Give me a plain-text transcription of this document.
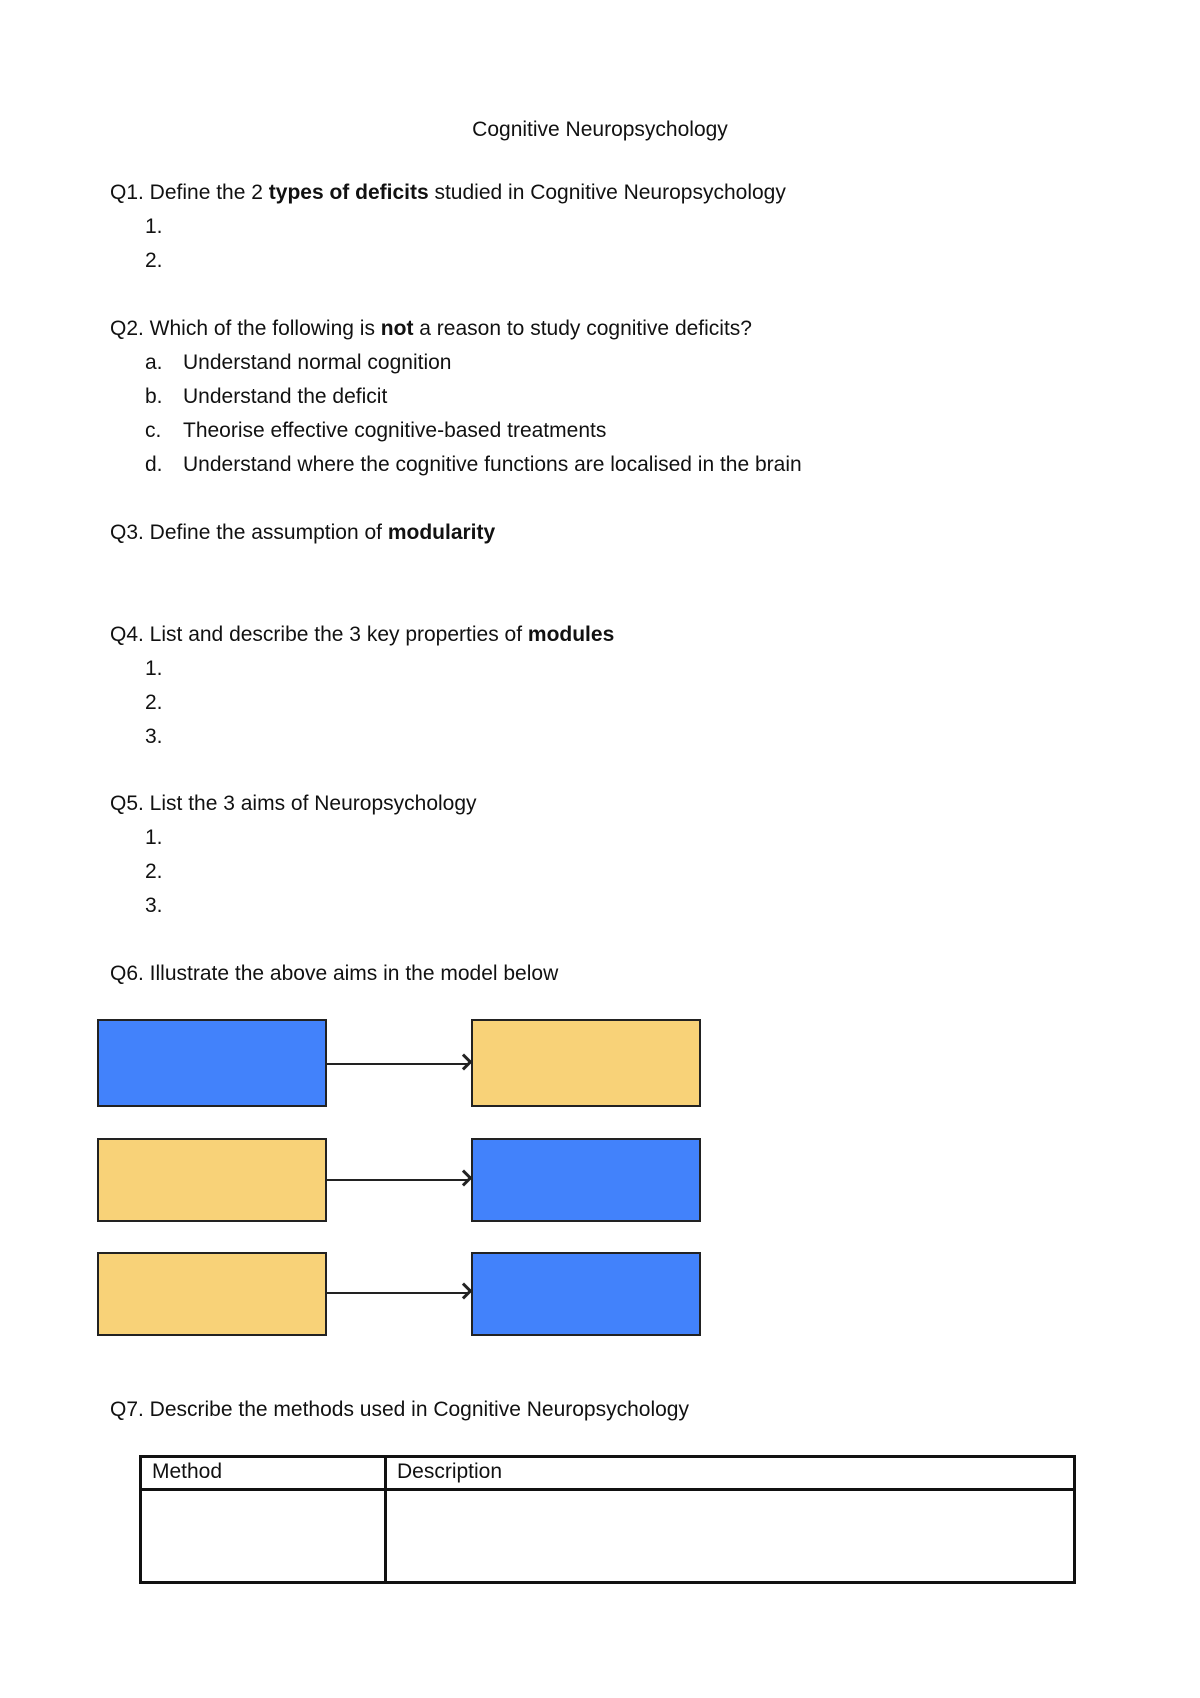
Cognitive Neuropsychology
Q1. Define the 2 types of deficits studied in Cognitive Neuropsychology
1.
2.
Q2. Which of the following is not a reason to study cognitive deficits?
a. Understand normal cognition
b. Understand the deficit
c. Theorise effective cognitive-based treatments
d. Understand where the cognitive functions are localised in the brain
Q3. Define the assumption of modularity
Q4. List and describe the 3 key properties of modules
1.
2.
3.
Q5. List the 3 aims of Neuropsychology
1.
2.
3.
Q6. Illustrate the above aims in the model below
Q7. Describe the methods used in Cognitive Neuropsychology
Method	Description
